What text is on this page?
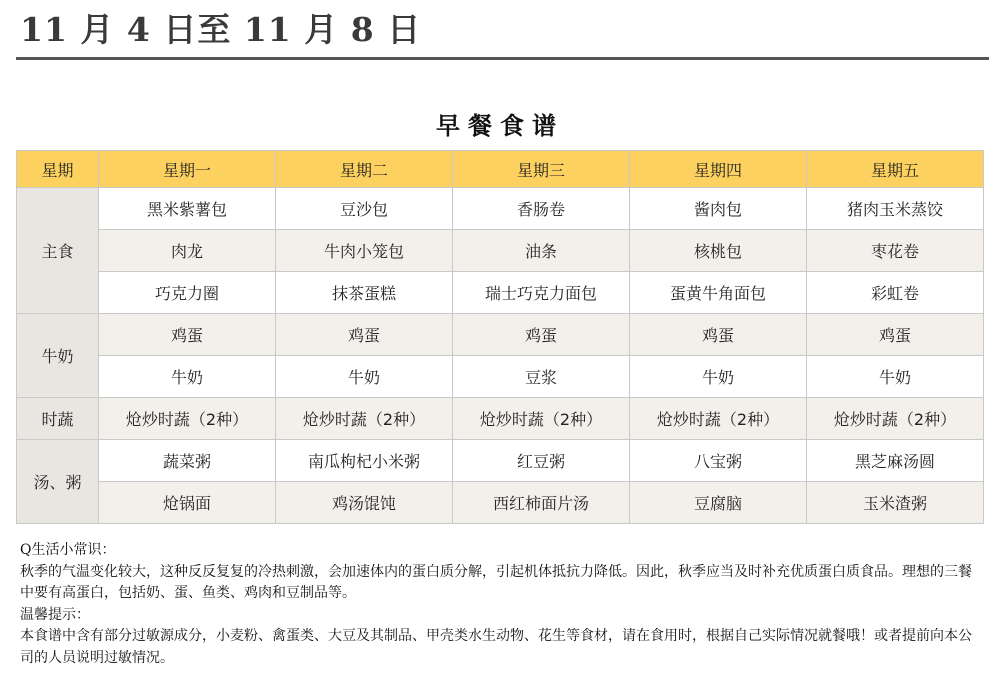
11 月 4 日至 11 月 8 日
早餐食谱
星期	星期一	星期二	星期三	星期四	星期五
主食	黑米紫薯包	豆沙包	香肠卷	酱肉包	猪肉玉米蒸饺
	肉龙	牛肉小笼包	油条	核桃包	枣花卷
	巧克力圈	抹茶蛋糕	瑞士巧克力面包	蛋黄牛角面包	彩虹卷
牛奶	鸡蛋	鸡蛋	鸡蛋	鸡蛋	鸡蛋
	牛奶	牛奶	豆浆	牛奶	牛奶
时蔬	炝炒时蔬（2种）	炝炒时蔬（2种）	炝炒时蔬（2种）	炝炒时蔬（2种）	炝炒时蔬（2种）
汤、粥	蔬菜粥	南瓜枸杞小米粥	红豆粥	八宝粥	黑芝麻汤圆
	炝锅面	鸡汤馄饨	西红柿面片汤	豆腐脑	玉米渣粥

Q生活小常识：

秋季的气温变化较大，这种反反复复的冷热刺激，会加速体内的蛋白质分解，引起机体抵抗力降低。因此，秋季应当及时补充优质蛋白质食品。理想的三餐中要有高蛋白，包括奶、蛋、鱼类、鸡肉和豆制品等。

温馨提示：

本食谱中含有部分过敏源成分，小麦粉、禽蛋类、大豆及其制品、甲壳类水生动物、花生等食材，请在食用时，根据自己实际情况就餐哦！或者提前向本公司的人员说明过敏情况。
